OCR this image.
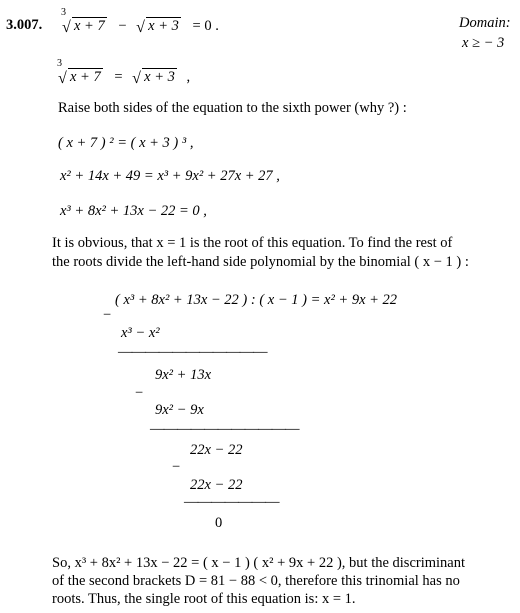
3.007.
3
√ x + 7 − √ x + 3 = 0 .	Domain:
x ≥ − 3
3
√ x + 7 = √ x + 3 ,
Raise both sides of the equation to the sixth power (why ?) :
( x + 7 ) ² = ( x + 3 ) ³ ,
x² + 14x + 49 = x³ + 9x² + 27x + 27 ,
x³ + 8x² + 13x − 22 = 0 ,
It is obvious, that x = 1 is the root of this equation. To find the rest of
the roots divide the left-hand side polynomial by the binomial ( x − 1 ) :
( x³ + 8x² + 13x − 22 ) : ( x − 1 ) = x² + 9x + 22
−
x³ − x²
———————————
9x² + 13x
−
9x² − 9x
———————————
22x − 22
−
22x − 22
———————
0
So, x³ + 8x² + 13x − 22 = ( x − 1 ) ( x² + 9x + 22 ), but the discriminant
of the second brackets D = 81 − 88 < 0, therefore this trinomial has no
roots. Thus, the single root of this equation is: x = 1.
